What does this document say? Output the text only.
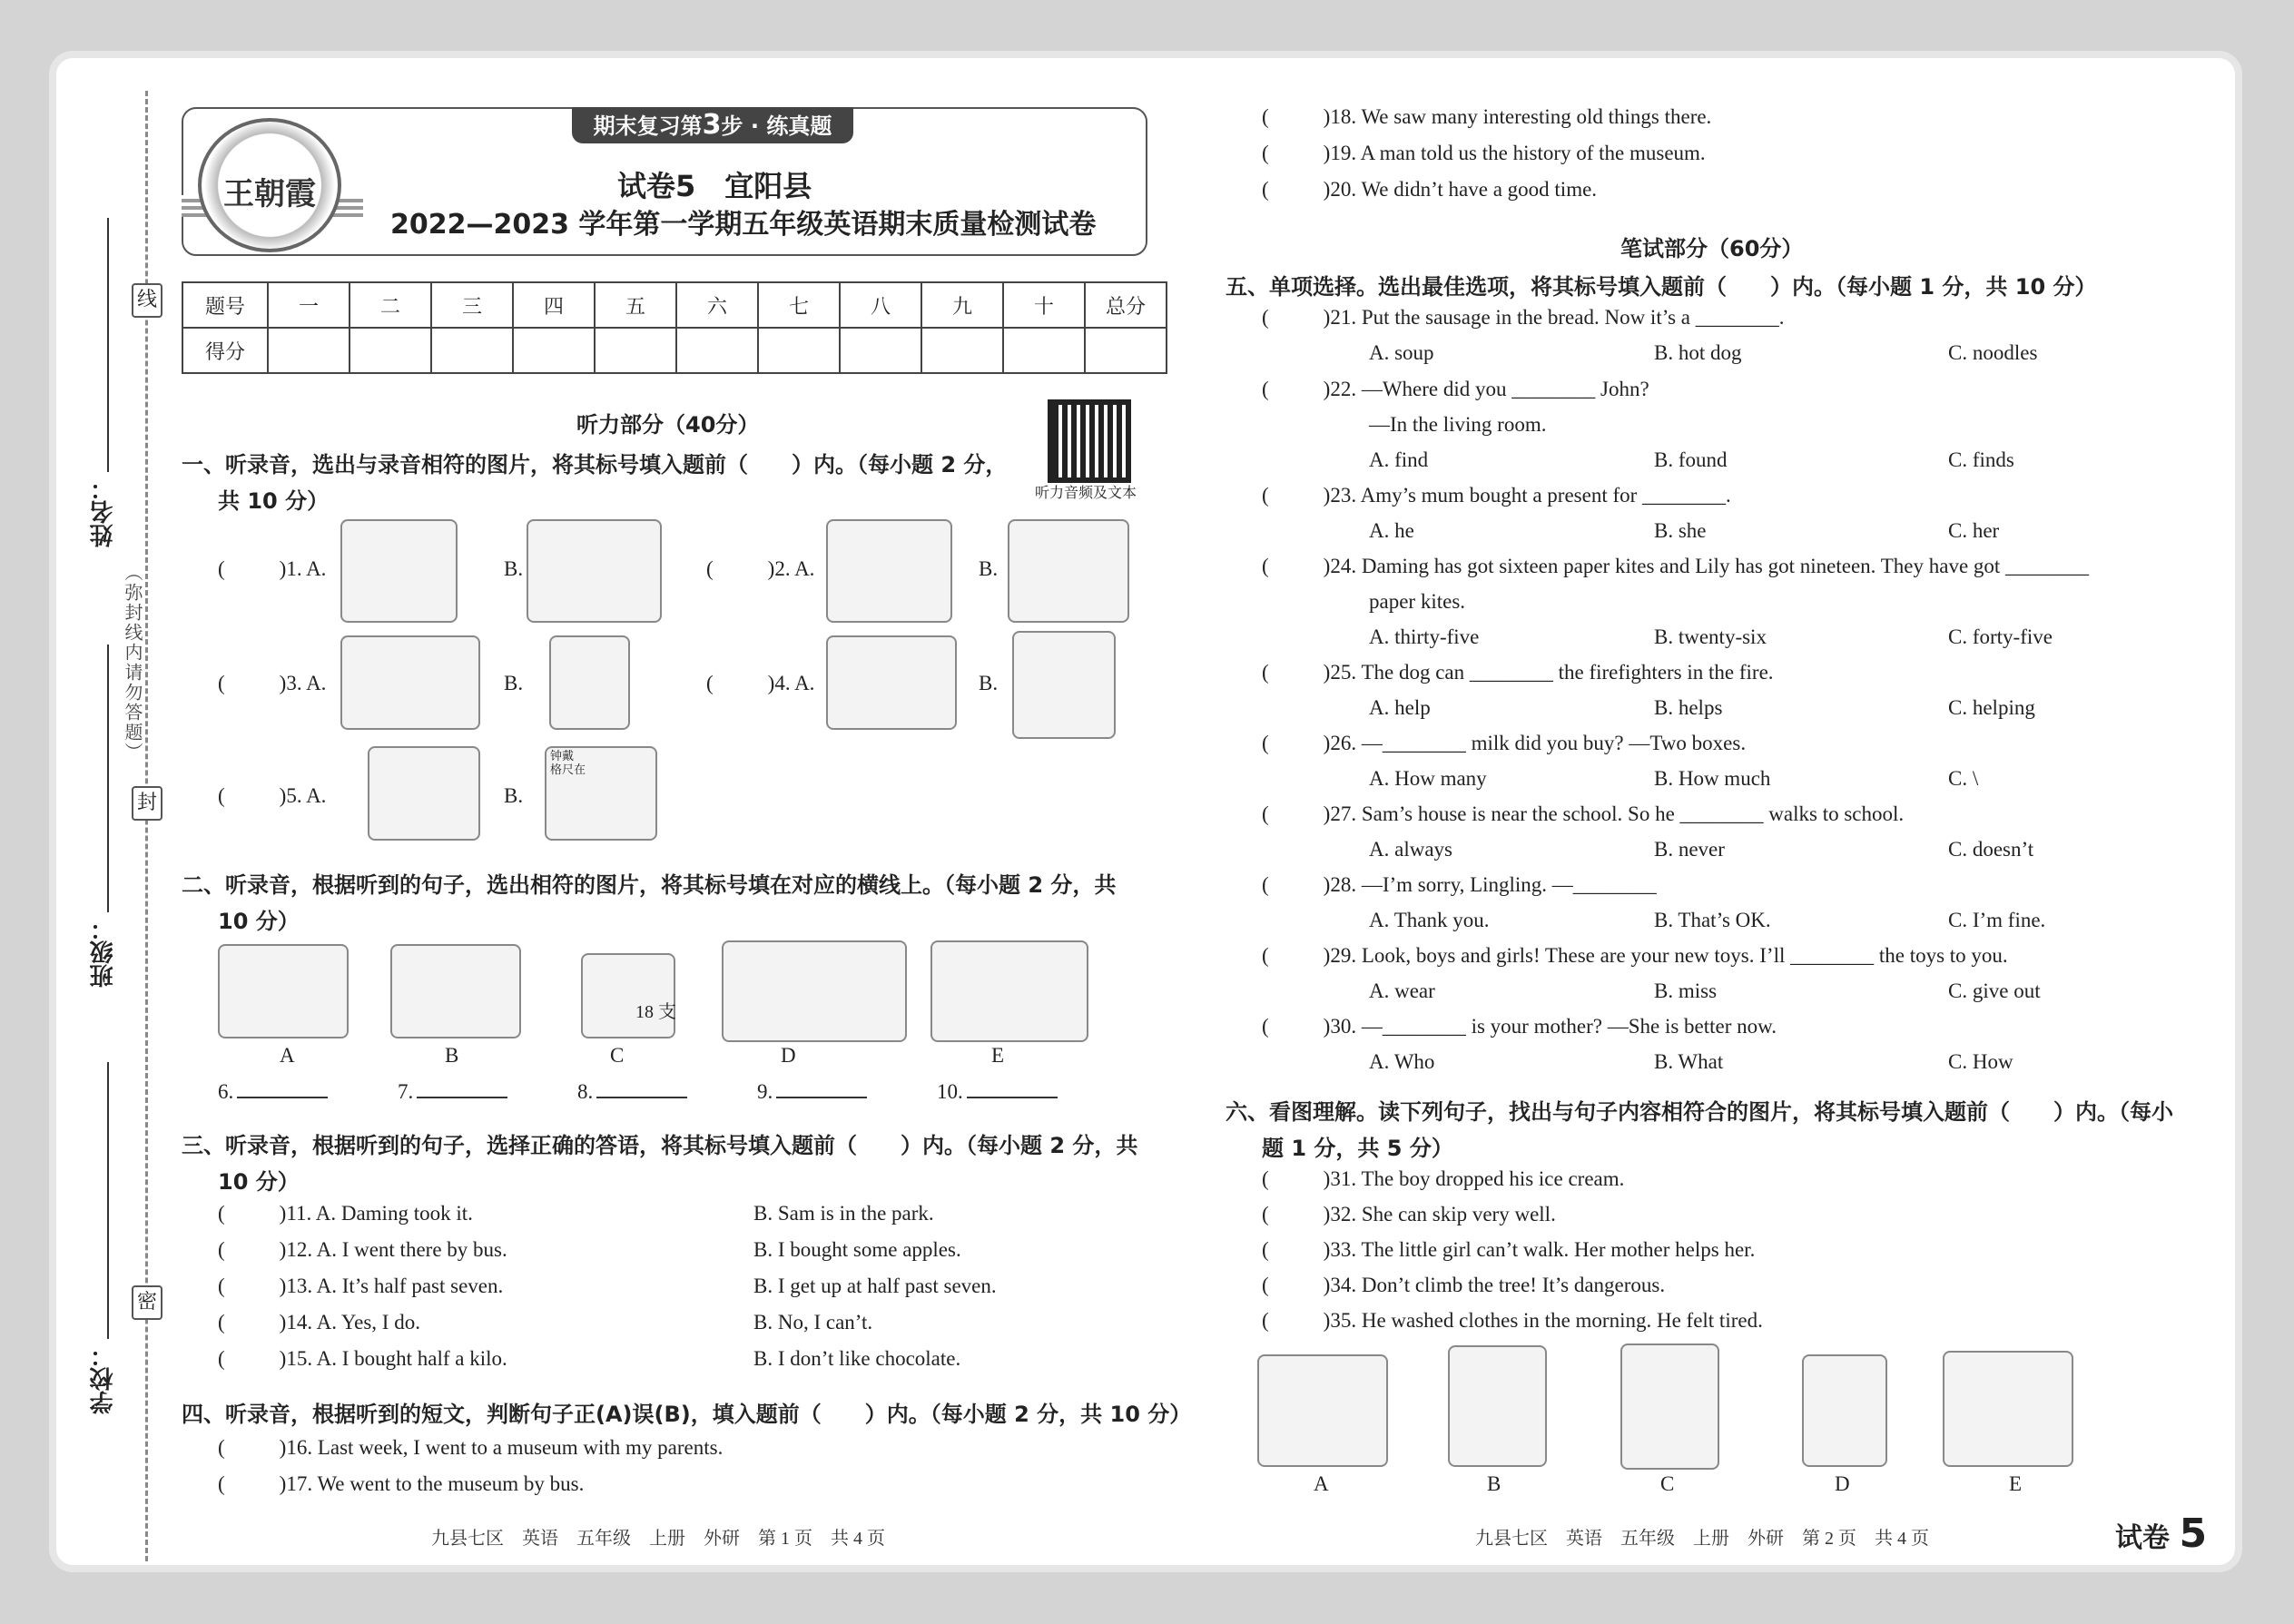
线
封
密
姓名：
班级：
学校：
（弥封线内请勿答题）
期末复习第3步 · 练真题
王朝霞	试卷5　宜阳县
2022—2023 学年第一学期五年级英语期末质量检测试卷
题号	一	二	三	四	五	六	七	八	九	十	总分
得分											
听力部分（40分）
听力音频及文本
一、听录音，选出与录音相符的图片，将其标号填入题前（　　）内。（每小题 2 分，
共 10 分）
(	)1. A.	B.	(	)2. A.	B.
(	)3. A.	B.	(	)4. A.	B.
(	)5. A.	B.
钟戴 格尺在
二、听录音，根据听到的句子，选出相符的图片，将其标号填在对应的横线上。（每小题 2 分，共
10 分）
18 支
A	B	C	D	E
6.	7.	8.	9.	10.
三、听录音，根据听到的句子，选择正确的答语，将其标号填入题前（　　）内。（每小题 2 分，共
10 分）
(	)11. A. Daming took it.	B. Sam is in the park.
(	)12. A. I went there by bus.	B. I bought some apples.
(	)13. A. It’s half past seven.	B. I get up at half past seven.
(	)14. A. Yes, I do.	B. No, I can’t.
(	)15. A. I bought half a kilo.	B. I don’t like chocolate.
四、听录音，根据听到的短文，判断句子正(A)误(B)，填入题前（　　）内。（每小题 2 分，共 10 分）
(	)16. Last week, I went to a museum with my parents.
(	)17. We went to the museum by bus.
九县七区　英语　五年级　上册　外研　第 1 页　共 4 页
(	)18. We saw many interesting old things there.
(	)19. A man told us the history of the museum.
(	)20. We didn’t have a good time.
笔试部分（60分）
五、单项选择。选出最佳选项，将其标号填入题前（　　）内。（每小题 1 分，共 10 分）
(	)21. Put the sausage in the bread. Now it’s a ________.
A. soup	B. hot dog	C. noodles
(	)22. —Where did you ________ John?
—In the living room.
A. find	B. found	C. finds
(	)23. Amy’s mum bought a present for ________.
A. he	B. she	C. her
(	)24. Daming has got sixteen paper kites and Lily has got nineteen. They have got ________
paper kites.
A. thirty-five	B. twenty-six	C. forty-five
(	)25. The dog can ________ the firefighters in the fire.
A. help	B. helps	C. helping
(	)26. —________ milk did you buy? —Two boxes.
A. How many	B. How much	C. \
(	)27. Sam’s house is near the school. So he ________ walks to school.
A. always	B. never	C. doesn’t
(	)28. —I’m sorry, Lingling. —________
A. Thank you.	B. That’s OK.	C. I’m fine.
(	)29. Look, boys and girls! These are your new toys. I’ll ________ the toys to you.
A. wear	B. miss	C. give out
(	)30. —________ is your mother? —She is better now.
A. Who	B. What	C. How
六、看图理解。读下列句子，找出与句子内容相符合的图片，将其标号填入题前（　　）内。（每小
题 1 分，共 5 分）
(	)31. The boy dropped his ice cream.
(	)32. She can skip very well.
(	)33. The little girl can’t walk. Her mother helps her.
(	)34. Don’t climb the tree! It’s dangerous.
(	)35. He washed clothes in the morning. He felt tired.
A	B	C	D	E
九县七区　英语　五年级　上册　外研　第 2 页　共 4 页	试卷 5
